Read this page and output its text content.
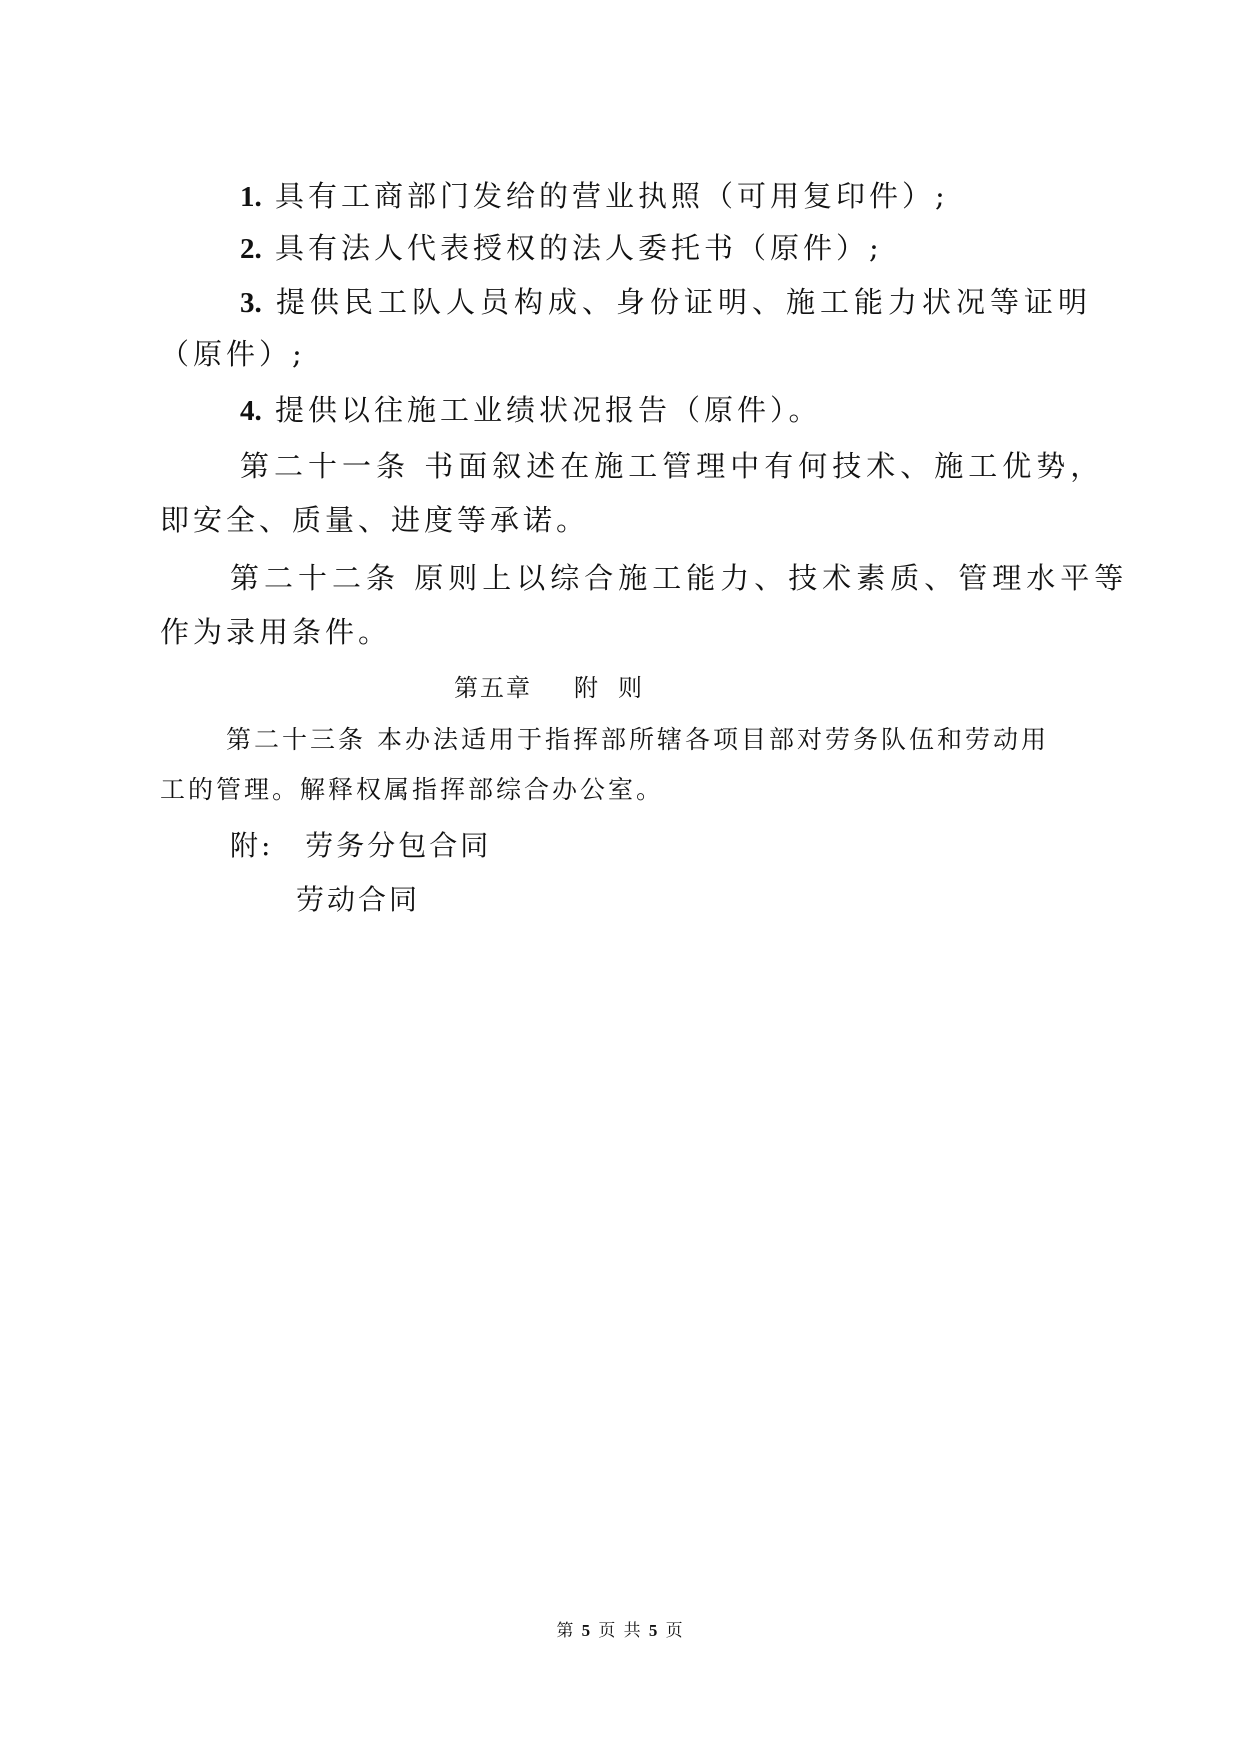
1. 具有工商部门发给的营业执照（可用复印件）;
2. 具有法人代表授权的法人委托书（原件）;
3. 提供民工队人员构成、身份证明、施工能力状况等证明
（原件）;
4. 提供以往施工业绩状况报告（原件）。
第二十一条 书面叙述在施工管理中有何技术、施工优势，
即安全、质量、进度等承诺。
第二十二条 原则上以综合施工能力、技术素质、管理水平等
作为录用条件。
第五章 附 则
第二十三条 本办法适用于指挥部所辖各项目部对劳务队伍和劳动用
工的管理。解释权属指挥部综合办公室。
附: 劳务分包合同
劳动合同
第 5 页 共 5 页
